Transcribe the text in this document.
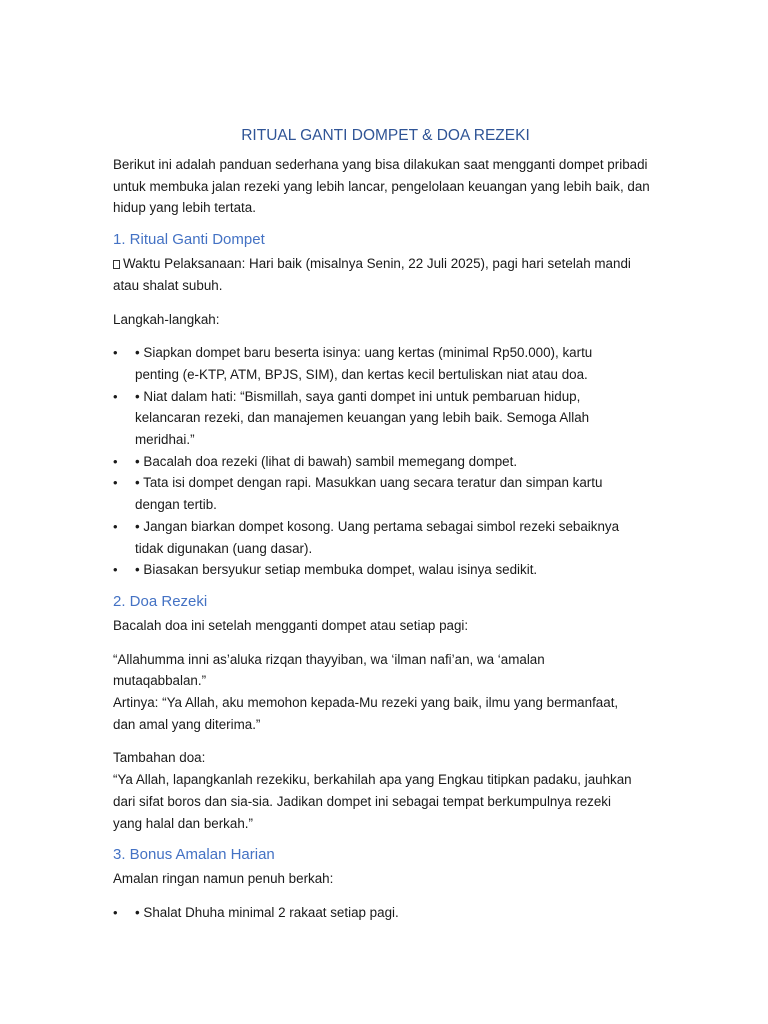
RITUAL GANTI DOMPET & DOA REZEKI

Berikut ini adalah panduan sederhana yang bisa dilakukan saat mengganti dompet pribadi untuk membuka jalan rezeki yang lebih lancar, pengelolaan keuangan yang lebih baik, dan hidup yang lebih tertata.

1. Ritual Ganti Dompet

Waktu Pelaksanaan: Hari baik (misalnya Senin, 22 Juli 2025), pagi hari setelah mandi
atau shalat subuh.

Langkah-langkah:

• • Siapkan dompet baru beserta isinya: uang kertas (minimal Rp50.000), kartu
penting (e-KTP, ATM, BPJS, SIM), dan kertas kecil bertuliskan niat atau doa.
• • Niat dalam hati: “Bismillah, saya ganti dompet ini untuk pembaruan hidup,
kelancaran rezeki, dan manajemen keuangan yang lebih baik. Semoga Allah
meridhai.”
• • Bacalah doa rezeki (lihat di bawah) sambil memegang dompet.
• • Tata isi dompet dengan rapi. Masukkan uang secara teratur dan simpan kartu
dengan tertib.
• • Jangan biarkan dompet kosong. Uang pertama sebagai simbol rezeki sebaiknya
tidak digunakan (uang dasar).
• • Biasakan bersyukur setiap membuka dompet, walau isinya sedikit.
2. Doa Rezeki

Bacalah doa ini setelah mengganti dompet atau setiap pagi:

“Allahumma inni as’aluka rizqan thayyiban, wa ‘ilman nafi’an, wa ‘amalan
mutaqabbalan.”
Artinya: “Ya Allah, aku memohon kepada-Mu rezeki yang baik, ilmu yang bermanfaat,
dan amal yang diterima.”

Tambahan doa:
“Ya Allah, lapangkanlah rezekiku, berkahilah apa yang Engkau titipkan padaku, jauhkan
dari sifat boros dan sia-sia. Jadikan dompet ini sebagai tempat berkumpulnya rezeki
yang halal dan berkah.”

3. Bonus Amalan Harian

Amalan ringan namun penuh berkah:

• • Shalat Dhuha minimal 2 rakaat setiap pagi.
